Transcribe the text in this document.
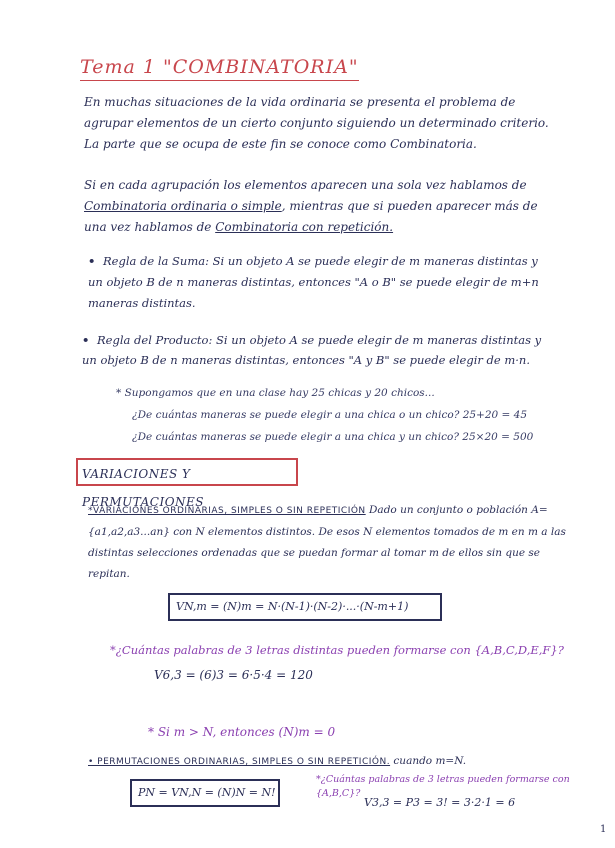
Tema 1 "COMBINATORIA"
En muchas situaciones de la vida ordinaria se presenta el problema de agrupar elementos de un cierto conjunto siguiendo un determinado criterio. La parte que se ocupa de este fin se conoce como Combinatoria.
Si en cada agrupación los elementos aparecen una sola vez hablamos de Combinatoria ordinaria o simple, mientras que si pueden aparecer más de una vez hablamos de Combinatoria con repetición.
• Regla de la Suma: Si un objeto A se puede elegir de m maneras distintas y un objeto B de n maneras distintas, entonces "A o B" se puede elegir de m+n maneras distintas.
• Regla del Producto: Si un objeto A se puede elegir de m maneras distintas y un objeto B de n maneras distintas, entonces "A y B" se puede elegir de m·n.
* Supongamos que en una clase hay 25 chicas y 20 chicos...
¿De cuántas maneras se puede elegir a una chica o un chico? 25+20 = 45
¿De cuántas maneras se puede elegir a una chica y un chico? 25×20 = 500
VARIACIONES Y PERMUTACIONES
*VARIACIONES ORDINARIAS, SIMPLES O SIN REPETICIÓN Dado un conjunto o población A={a1,a2,a3...an} con N elementos distintos. De esos N elementos tomados de m en m a las distintas selecciones ordenadas que se puedan formar al tomar m de ellos sin que se repitan.
VN,m = (N)m = N·(N-1)·(N-2)·...·(N-m+1)
*¿Cuántas palabras de 3 letras distintas pueden formarse con {A,B,C,D,E,F}?
V6,3 = (6)3 = 6·5·4 = 120
* Si m > N, entonces (N)m = 0
• PERMUTACIONES ORDINARIAS, SIMPLES O SIN REPETICIÓN. cuando m=N.
PN = VN,N = (N)N = N!
*¿Cuántas palabras de 3 letras pueden formarse con {A,B,C}?
V3,3 = P3 = 3! = 3·2·1 = 6
1
